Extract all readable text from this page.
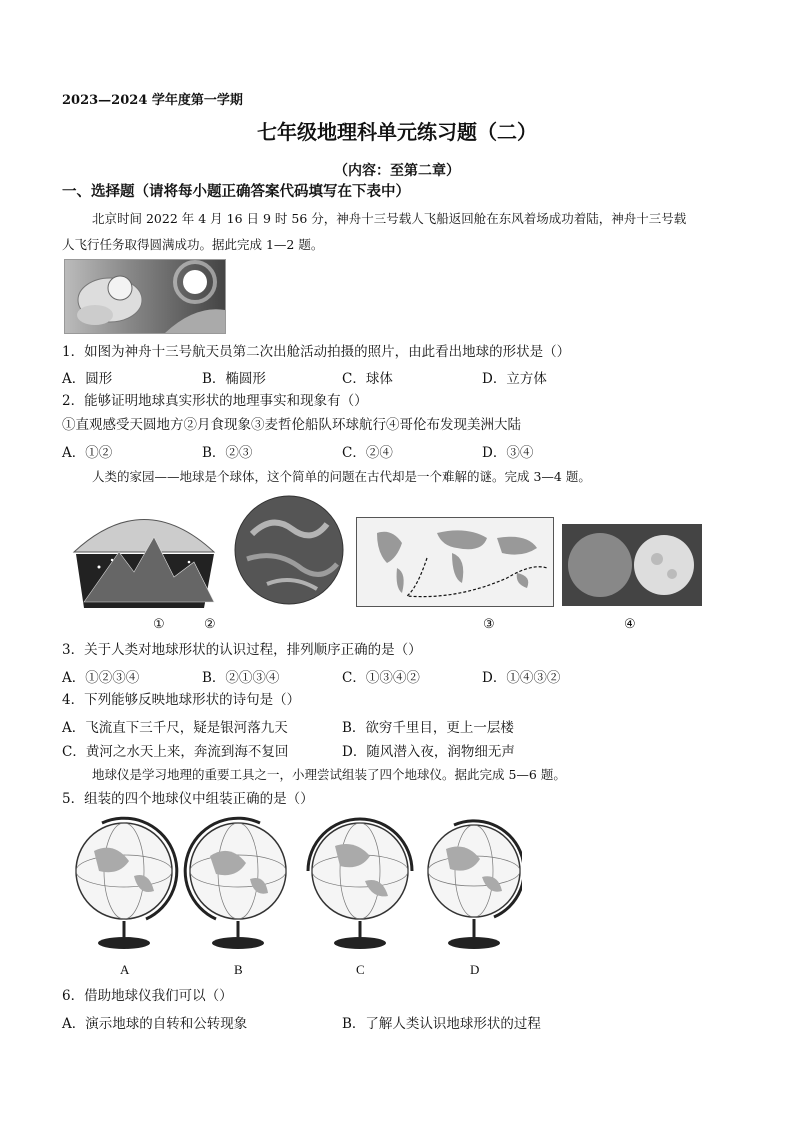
2023—2024 学年度第一学期
七年级地理科单元练习题（二）
（内容：至第二章）
一、选择题（请将每小题正确答案代码填写在下表中）
北京时间 2022 年 4 月 16 日 9 时 56 分，神舟十三号载人飞船返回舱在东风着场成功着陆，神舟十三号载
人飞行任务取得圆满成功。据此完成 1—2 题。
1．如图为神舟十三号航天员第二次出舱活动拍摄的照片，由此看出地球的形状是（）
A．圆形	B．椭圆形	C．球体	D．立方体
2．能够证明地球真实形状的地理事实和现象有（）
①直观感受天圆地方②月食现象③麦哲伦船队环球航行④哥伦布发现美洲大陆
A．①②	B．②③	C．②④	D．③④
人类的家园——地球是个球体，这个简单的问题在古代却是一个难解的谜。完成 3—4 题。
①	②	③	④
3．关于人类对地球形状的认识过程，排列顺序正确的是（）
A．①②③④	B．②①③④	C．①③④②	D．①④③②
4．下列能够反映地球形状的诗句是（）
A．飞流直下三千尺，疑是银河落九天	B．欲穷千里目，更上一层楼
C．黄河之水天上来，奔流到海不复回	D．随风潜入夜，润物细无声
地球仪是学习地理的重要工具之一，小理尝试组装了四个地球仪。据此完成 5—6 题。
5．组装的四个地球仪中组装正确的是（）
A	B	C	D
6．借助地球仪我们可以（）
A．演示地球的自转和公转现象	B．了解人类认识地球形状的过程
